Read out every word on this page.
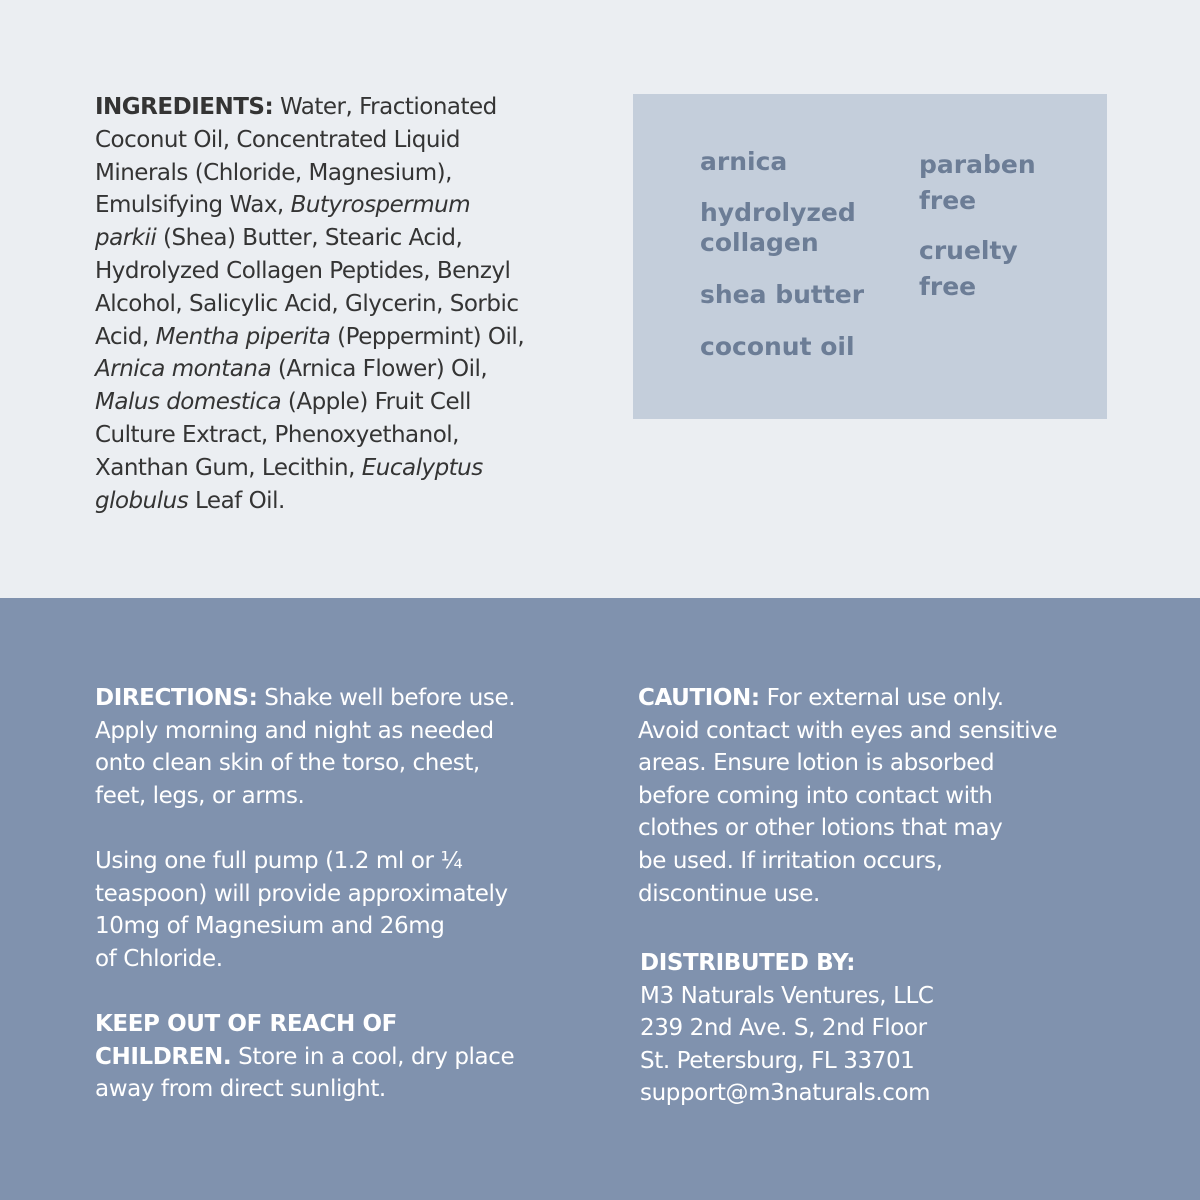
INGREDIENTS: Water, Fractionated
Coconut Oil, Concentrated Liquid
Minerals (Chloride, Magnesium),
Emulsifying Wax, Butyrospermum
parkii (Shea) Butter, Stearic Acid,
Hydrolyzed Collagen Peptides, Benzyl
Alcohol, Salicylic Acid, Glycerin, Sorbic
Acid, Mentha piperita (Peppermint) Oil,
Arnica montana (Arnica Flower) Oil,
Malus domestica (Apple) Fruit Cell
Culture Extract, Phenoxyethanol,
Xanthan Gum, Lecithin, Eucalyptus
globulus Leaf Oil.
arnica
hydrolyzed
collagen
shea butter
coconut oil
paraben
free
cruelty
free
DIRECTIONS: Shake well before use.
Apply morning and night as needed
onto clean skin of the torso, chest,
feet, legs, or arms.
Using one full pump (1.2 ml or ¼
teaspoon) will provide approximately
10mg of Magnesium and 26mg
of Chloride.
KEEP OUT OF REACH OF
CHILDREN. Store in a cool, dry place
away from direct sunlight.
CAUTION: For external use only.
Avoid contact with eyes and sensitive
areas. Ensure lotion is absorbed
before coming into contact with
clothes or other lotions that may
be used. If irritation occurs,
discontinue use.
DISTRIBUTED BY:
M3 Naturals Ventures, LLC
239 2nd Ave. S, 2nd Floor
St. Petersburg, FL 33701
support@m3naturals.com
